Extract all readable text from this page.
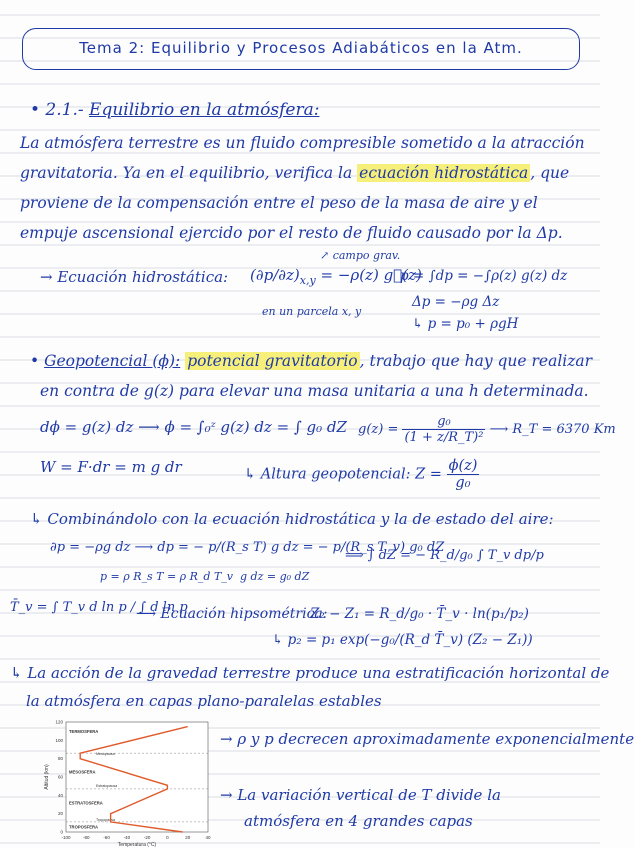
Tema 2: Equilibrio y Procesos Adiabáticos en la Atm.
• 2.1.- Equilibrio en la atmósfera:
La atmósfera terrestre es un fluido compresible sometido a la atracción
gravitatoria. Ya en el equilibrio, verifica la ecuación hidrostática , que
proviene de la compensación entre el peso de la masa de aire y el
empuje ascensional ejercido por el resto de fluido causado por la Δp.
→ Ecuación hidrostática: $(\partial p/\partial z)_{x,y} = -\rho(z)$ g⃗(z)
↗ campo grav.
en un parcela x, y
p = ∫dp = −∫ρ(z) g(z) dz
Δp = −ρg Δz
↳ p = p₀ + ρgH
• Geopotencial (ϕ): potencial gravitatorio , trabajo que hay que realizar
en contra de g(z) para elevar una masa unitaria a una h determinada.
dϕ = g(z) dz ⟶ ϕ = ∫₀ᶻ g(z) dz = ∫ g₀ dZ $g(z) = \frac{\text{g₀}}{\text{(1 + z/R\_T)²}}$ ⟶ R_T = 6370 Km
W = F·dr = m g dr	↳ Altura geopotencial: $Z = \frac{\phi(z)}{\text{g₀}}$
↳ Combinándolo con la ecuación hidrostática y la de estado del aire:
∂p = −ρg dz ⟶ dp = − p/(R_s T) g dz = − p/(R_s T_v) g₀ dZ
p = ρ R_s T = ρ R_d T_v g dz = g₀ dZ
⟹ ∫ dZ = − R_d/g₀ ∫ T_v dp/p
T̄_v = ∫ T_v d ln p / ∫ d ln p
⟶ Ecuación hipsométrica:
Z₂ − Z₁ = R_d/g₀ · T̄_v · ln(p₁/p₂)
↳ p₂ = p₁ exp(−g₀/(R_d T̄_v) (Z₂ − Z₁))
↳ La acción de la gravedad terrestre produce una estratificación horizontal de
la atmósfera en capas plano-paralelas estables
-100	-80	-60	-40	-20	0	20	40
0
20
40
60
80
100
120
Temperatura (°C)
Altitud (km)
TERMOSFERA
Mesopausa
MESOSFERA
Estratopausa
ESTRATOSFERA
Tropopausa
TROPOSFERA
→ ρ y p decrecen aproximadamente exponencialmente
→ La variación vertical de T divide la
atmósfera en 4 grandes capas
